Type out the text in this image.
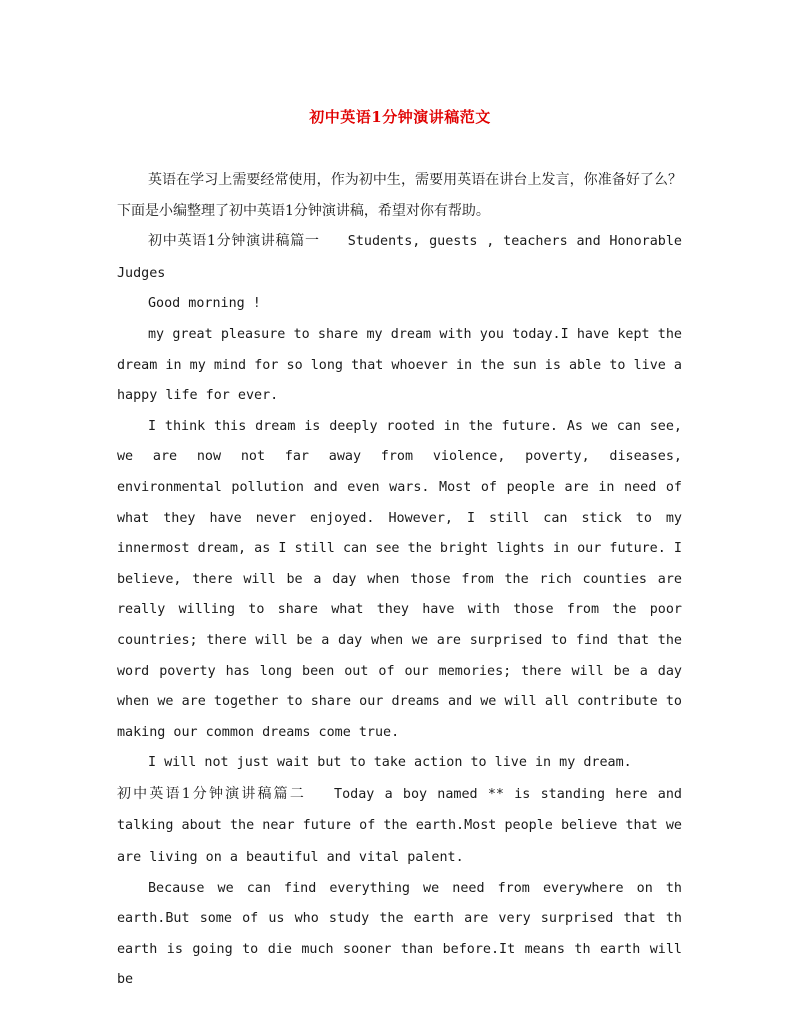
初中英语1分钟演讲稿范文

英语在学习上需要经常使用，作为初中生，需要用英语在讲台上发言，你准备好了么？下面是小编整理了初中英语1分钟演讲稿，希望对你有帮助。

初中英语1分钟演讲稿篇一 Students, guests , teachers and Honorable Judges

Good morning !

my great pleasure to share my dream with you today.I have kept the dream in my mind for so long that whoever in the sun is able to live a happy life for ever.

I think this dream is deeply rooted in the future. As we can see, we are now not far away from violence, poverty, diseases, environmental pollution and even wars. Most of people are in need of what they have never enjoyed. However, I still can stick to my innermost dream, as I still can see the bright lights in our future. I believe, there will be a day when those from the rich counties are really willing to share what they have with those from the poor countries; there will be a day when we are surprised to find that the word poverty has long been out of our memories; there will be a day when we are together to share our dreams and we will all contribute to making our common dreams come true.

I will not just wait but to take action to live in my dream.

初中英语1分钟演讲稿篇二 Today a boy named ** is standing here and talking about the near future of the earth.Most people believe that we are living on a beautiful and vital palent.

Because we can find everything we need from everywhere on th earth.But some of us who study the earth are very surprised that th earth is going to die much sooner than before.It means th earth will be
